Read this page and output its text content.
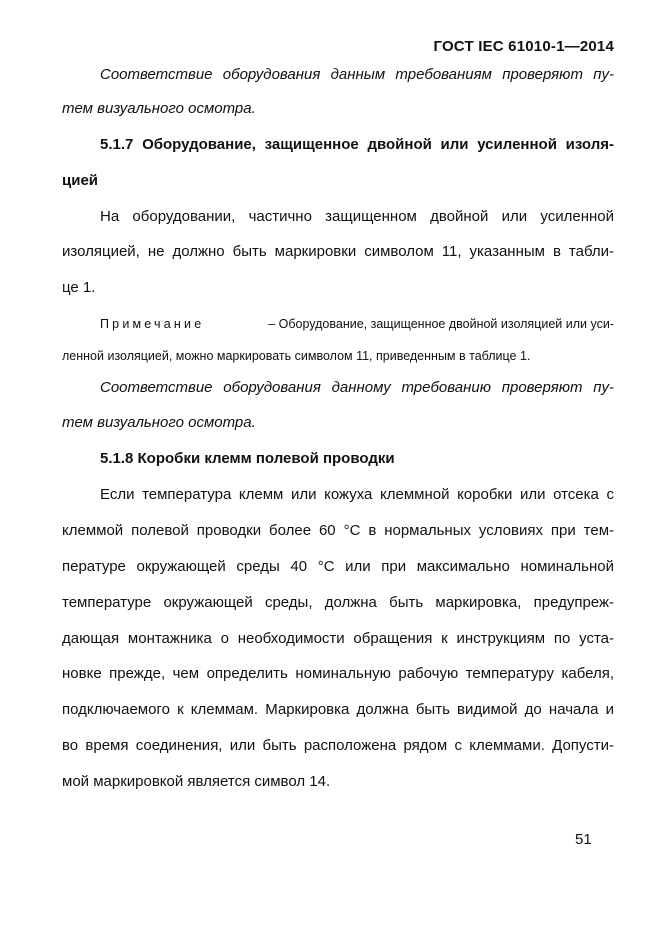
ГОСТ IEC 61010-1—2014
Соответствие оборудования данным требованиям проверяют пу-
тем визуального осмотра.
5.1.7 Оборудование, защищенное двойной или усиленной изоля-
цией
На оборудовании, частично защищенном двойной или усиленной
изоляцией, не должно быть маркировки символом 11, указанным в табли-
це 1.
Примечание	– Оборудование, защищенное двойной изоляцией или уси-
ленной изоляцией, можно маркировать символом 11, приведенным в таблице 1.
Соответствие оборудования данному требованию проверяют пу-
тем визуального осмотра.
5.1.8 Коробки клемм полевой проводки
Если температура клемм или кожуха клеммной коробки или отсека с
клеммой полевой проводки более 60 °C в нормальных условиях при тем-
пературе окружающей среды 40 °C или при максимально номинальной
температуре окружающей среды, должна быть маркировка, предупреж-
дающая монтажника о необходимости обращения к инструкциям по уста-
новке прежде, чем определить номинальную рабочую температуру кабеля,
подключаемого к клеммам. Маркировка должна быть видимой до начала и
во время соединения, или быть расположена рядом с клеммами. Допусти-
мой маркировкой является символ 14.
51
